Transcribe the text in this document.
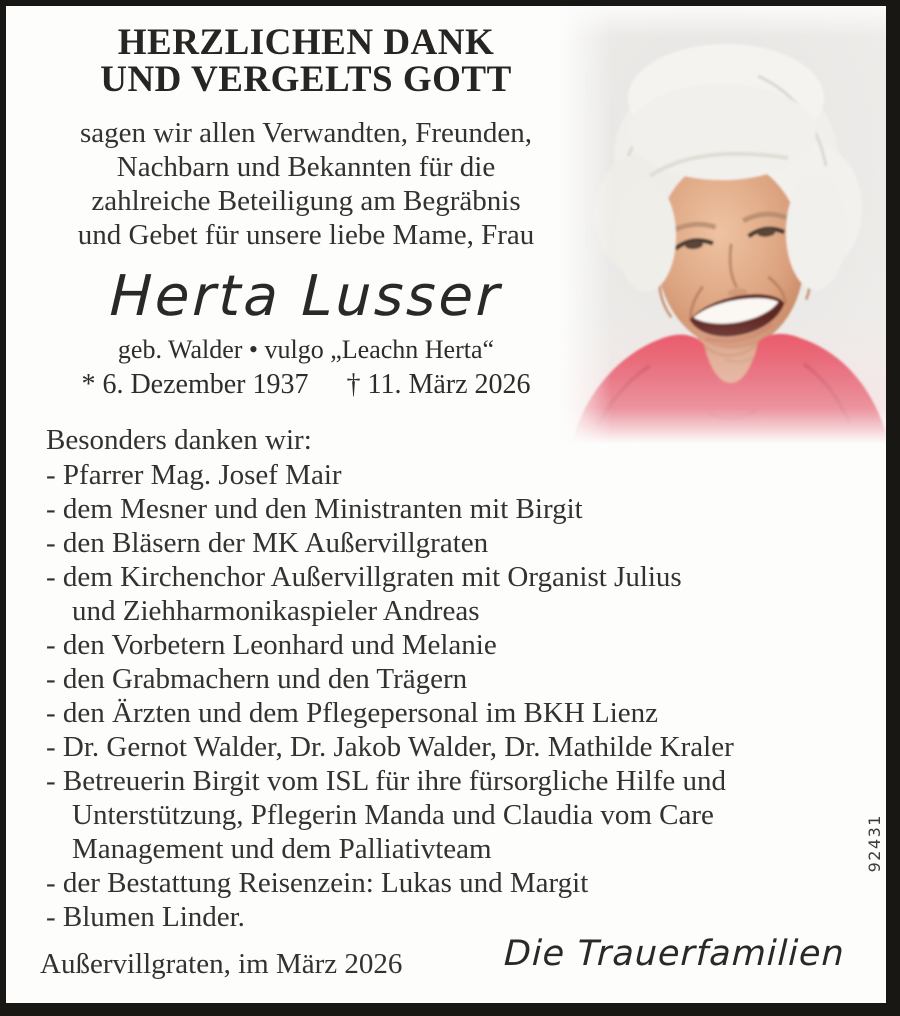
HERZLICHEN DANK
UND VERGELTS GOTT
sagen wir allen Verwandten, Freunden,
Nachbarn und Bekannten für die
zahlreiche Beteiligung am Begräbnis
und Gebet für unsere liebe Mame, Frau
Herta Lusser
geb. Walder • vulgo „Leachn Herta“
* 6. Dezember 1937 † 11. März 2026
Besonders danken wir:
- Pfarrer Mag. Josef Mair
- dem Mesner und den Ministranten mit Birgit
- den Bläsern der MK Außervillgraten
- dem Kirchenchor Außervillgraten mit Organist Julius
und Ziehharmonikaspieler Andreas
- den Vorbetern Leonhard und Melanie
- den Grabmachern und den Trägern
- den Ärzten und dem Pflegepersonal im BKH Lienz
- Dr. Gernot Walder, Dr. Jakob Walder, Dr. Mathilde Kraler
- Betreuerin Birgit vom ISL für ihre fürsorgliche Hilfe und
Unterstützung, Pflegerin Manda und Claudia vom Care
Management und dem Palliativteam
- der Bestattung Reisenzein: Lukas und Margit
- Blumen Linder.
Außervillgraten, im März 2026	Die Trauerfamilien
92431
